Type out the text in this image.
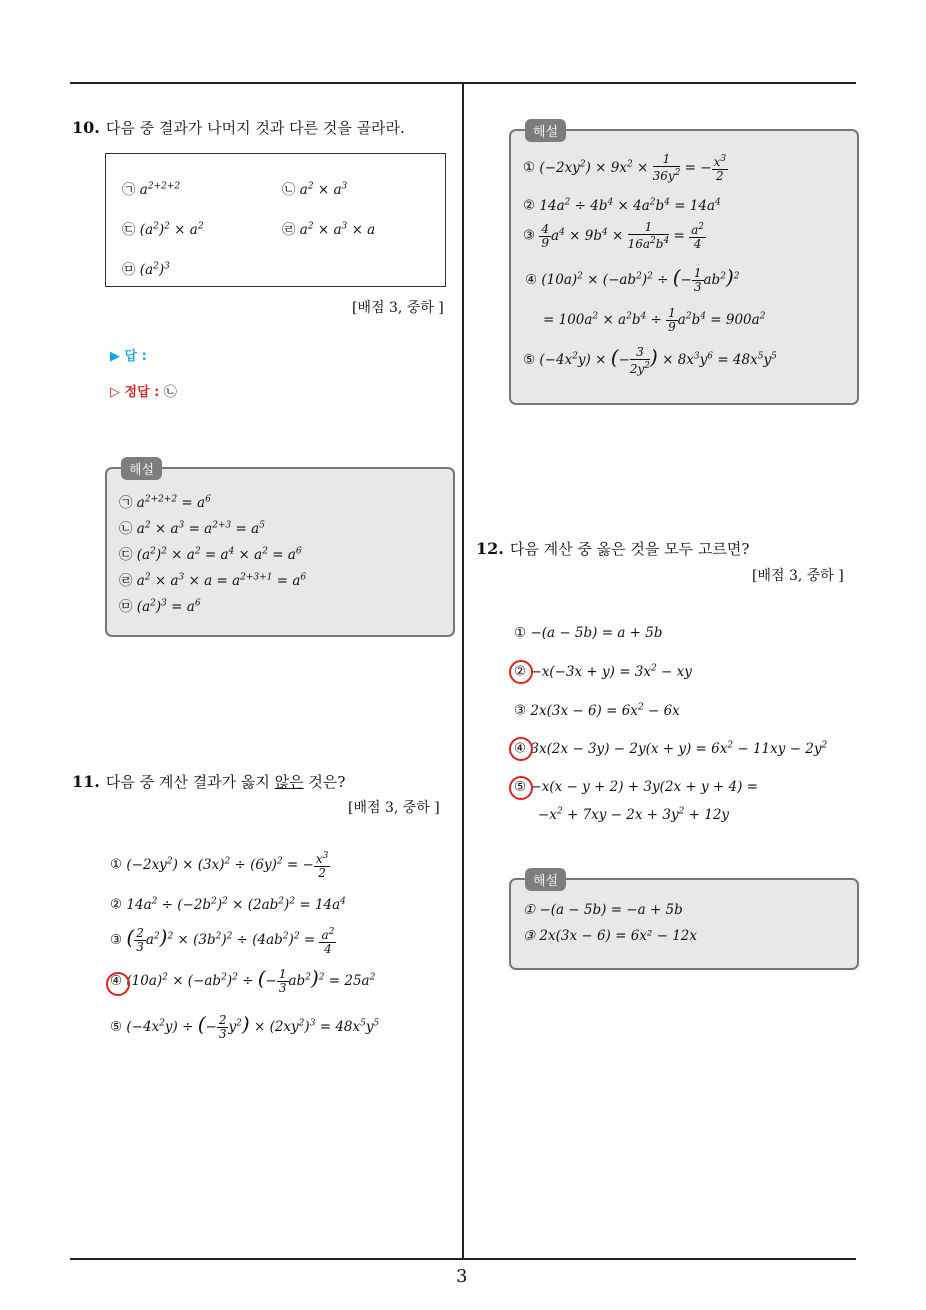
3
10. 다음 중 결과가 나머지 것과 다른 것을 골라라.
㉠ $a^{2+2+2}$	㉡ $a^2 \times a^3$
㉢ $(a^2)^2 \times a^2$	㉣ $a^2 \times a^3 \times a$
㉤ $(a^2)^3$
[배점 3, 중하 ]
▶ 답 :
▷ 정답 : ㉡
해설
㉠ $a^{2+2+2} = a^6$
㉡ $a^2 \times a^3 = a^{2+3} = a^5$
㉢ $(a^2)^2 \times a^2 = a^4 \times a^2 = a^6$
㉣ $a^2 \times a^3 \times a = a^{2+3+1} = a^6$
㉤ $(a^2)^3 = a^6$
11. 다음 중 계산 결과가 옳지 않은 것은?
[배점 3, 중하 ]
① $(-2xy^2) \times (3x)^2 \div (6y)^2$ = − $\frac{x^3}{2}$
② $14a^2 \div (-2b^2)^2 \times (2ab^2)^2 = 14a^4$
③ ( $\frac{2}{3} a^2)^2 \times (3b^2)^2 \div (4ab^2)^2 = \frac{a^2}{4}$
④ $(10a)^2 \times (-ab^2)^2$ ÷ (− $\frac{1}{3} ab^2)^2 = 25a^2$
⑤ $(-4x^2y)$ ÷ (− $\frac{2}{3} y^2) \times (2xy^2)^3 = 48x^5y^5$
해설
① $(-2xy^2) \times 9x^2 \times \frac{1}{36y^2}$ = − $\frac{x^3}{2}$
② $14a^2 \div 4b^4 \times 4a^2b^4 = 14a^4$
③ $\frac{4}{9} a^4 \times 9b^4 \times \frac{1}{16a^2b^4} = \frac{a^2}{4}$
④ $(10a)^2 \times (-ab^2)^2$ ÷ (− $\frac{1}{3} ab^2)^2$
= $100a^2 \times a^2b^4 \div \frac{1}{9} a^2b^4 = 900a^2$
⑤ $(-4x^2y)$ × (− $\frac{3}{2y^2}$ ) × $8x^3y^6 = 48x^5y^5$
12. 다음 계산 중 옳은 것을 모두 고르면?
[배점 3, 중하 ]
① −(a − 5b) = a + 5b
② $-x(-3x + y) = 3x^2$ − xy
③ $2x(3x - 6) = 6x^2 - 6x$
④ $3x(2x - 3y) - 2y(x + y) = 6x^2 - 11xy - 2y^2$
⑤ −x(x − y + 2) + 3y(2x + y + 4) =
$-x^2 + 7xy - 2x + 3y^2 + 12y$
해설
① −(a − 5b) = −a + 5b
③ 2x(3x − 6) = 6x² − 12x
